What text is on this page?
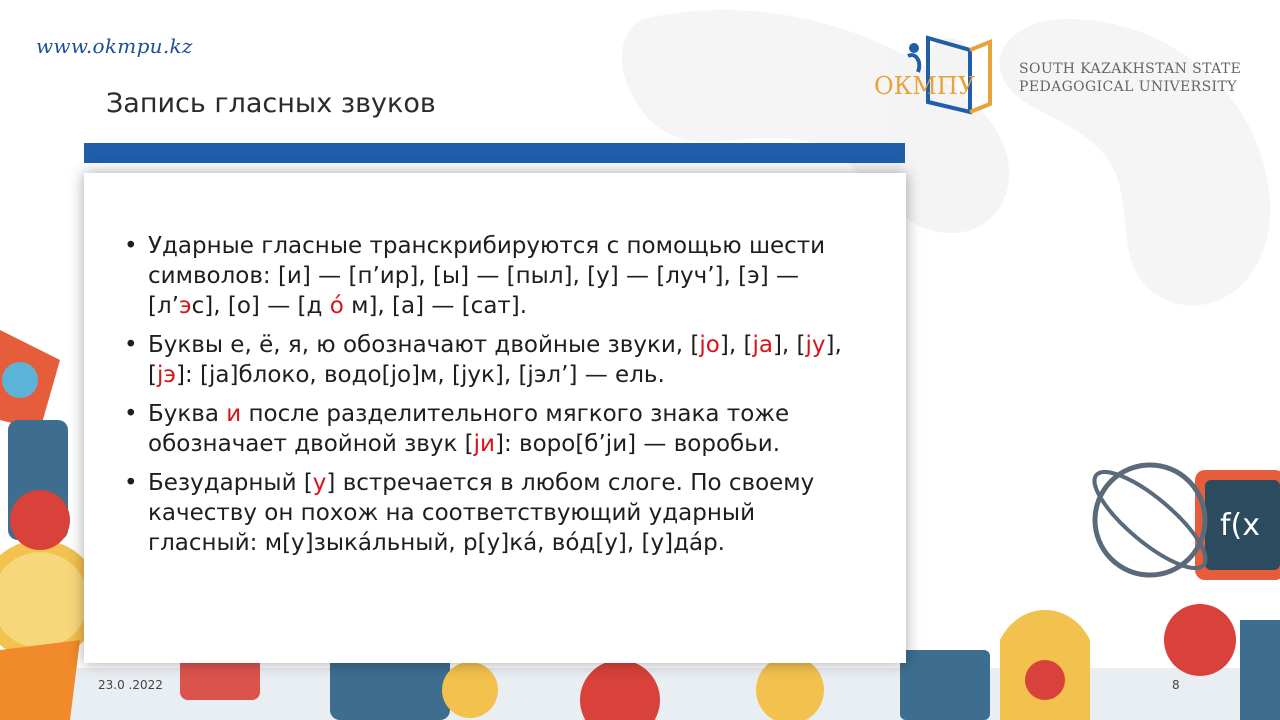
f(x
www.okmpu.kz
Запись гласных звуков
ОКМПУ
SOUTH KAZAKHSTAN STATE
PEDAGOGICAL UNIVERSITY
• Ударные гласные транскрибируются с помощью шести символов: [и] — [п’ир], [ы] — [пыл], [у] — [луч’], [э] — [л’эс], [о] — [д о́ м], [а] — [сат].
• Буквы е, ё, я, ю обозначают двойные звуки, [jо], [jа], [jу], [jэ]: [jа]блоко, водо[jо]м, [jук], [jэл’] — ель.
• Буква и после разделительного мягкого знака тоже обозначает двойной звук [jи]: воро[б’jи] — воробьи.
• Безударный [у] встречается в любом слоге. По своему качеству он похож на соответствующий ударный гласный: м[у]зыка́льный, р[у]ка́, во́д[у], [у]да́р.
23.0 .2022	8
